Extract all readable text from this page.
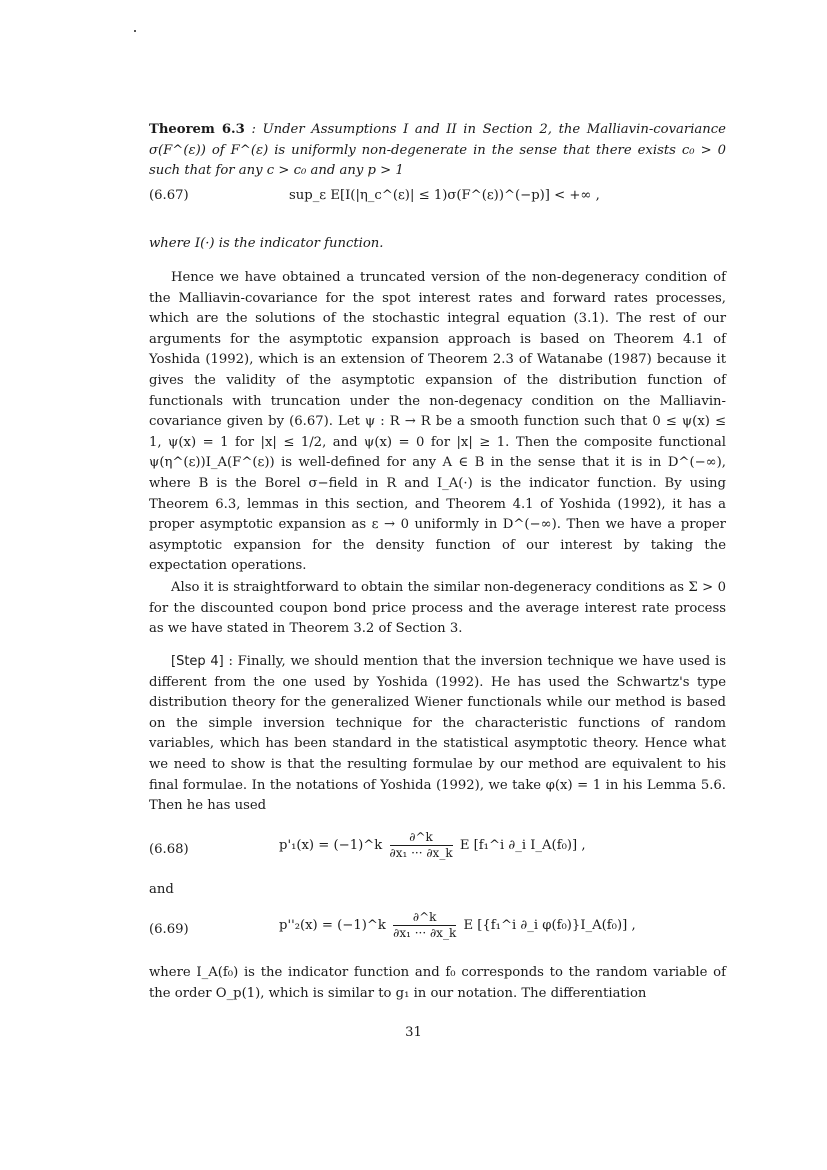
Theorem 6.3 : Under Assumptions I and II in Section 2, the Malliavin-covariance σ(F^(ε)) of F^(ε) is uniformly non-degenerate in the sense that there exists c₀ > 0 such that for any c > c₀ and any p > 1

(6.67)	sup_ε E[I(|η_c^(ε)| ≤ 1)σ(F^(ε))^(−p)] < +∞ ,

where I(·) is the indicator function.

Hence we have obtained a truncated version of the non-degeneracy condition of the Malliavin-covariance for the spot interest rates and forward rates processes, which are the solutions of the stochastic integral equation (3.1). The rest of our arguments for the asymptotic expansion approach is based on Theorem 4.1 of Yoshida (1992), which is an extension of Theorem 2.3 of Watanabe (1987) because it gives the validity of the asymptotic expansion of the distribution function of functionals with truncation under the non-degenacy condition on the Malliavin-covariance given by (6.67). Let ψ : R → R be a smooth function such that 0 ≤ ψ(x) ≤ 1, ψ(x) = 1 for |x| ≤ 1/2, and ψ(x) = 0 for |x| ≥ 1. Then the composite functional ψ(η^(ε))I_A(F^(ε)) is well-defined for any A ∈ B in the sense that it is in D^(−∞), where B is the Borel σ−field in R and I_A(·) is the indicator function. By using Theorem 6.3, lemmas in this section, and Theorem 4.1 of Yoshida (1992), it has a proper asymptotic expansion as ε → 0 uniformly in D^(−∞). Then we have a proper asymptotic expansion for the density function of our interest by taking the expectation operations.

Also it is straightforward to obtain the similar non-degeneracy conditions as Σ > 0 for the discounted coupon bond price process and the average interest rate process as we have stated in Theorem 3.2 of Section 3.

[Step 4] : Finally, we should mention that the inversion technique we have used is different from the one used by Yoshida (1992). He has used the Schwartz's type distribution theory for the generalized Wiener functionals while our method is based on the simple inversion technique for the characteristic functions of random variables, which has been standard in the statistical asymptotic theory. Hence what we need to show is that the resulting formulae by our method are equivalent to his final formulae. In the notations of Yoshida (1992), we take φ(x) = 1 in his Lemma 5.6. Then he has used

(6.68)	p'₁(x) = (−1)^k $\frac{\partial\^{}k}{\text{∂x₁ ··· ∂x\_k}}$ E [f₁^i ∂_i I_A(f₀)] ,

and

(6.69)	p''₂(x) = (−1)^k $\frac{\partial\^{}k}{\text{∂x₁ ··· ∂x\_k}}$ E [{f₁^i ∂_i φ(f₀)}I_A(f₀)] ,

where I_A(f₀) is the indicator function and f₀ corresponds to the random variable of the order O_p(1), which is similar to g₁ in our notation. The differentiation

31
